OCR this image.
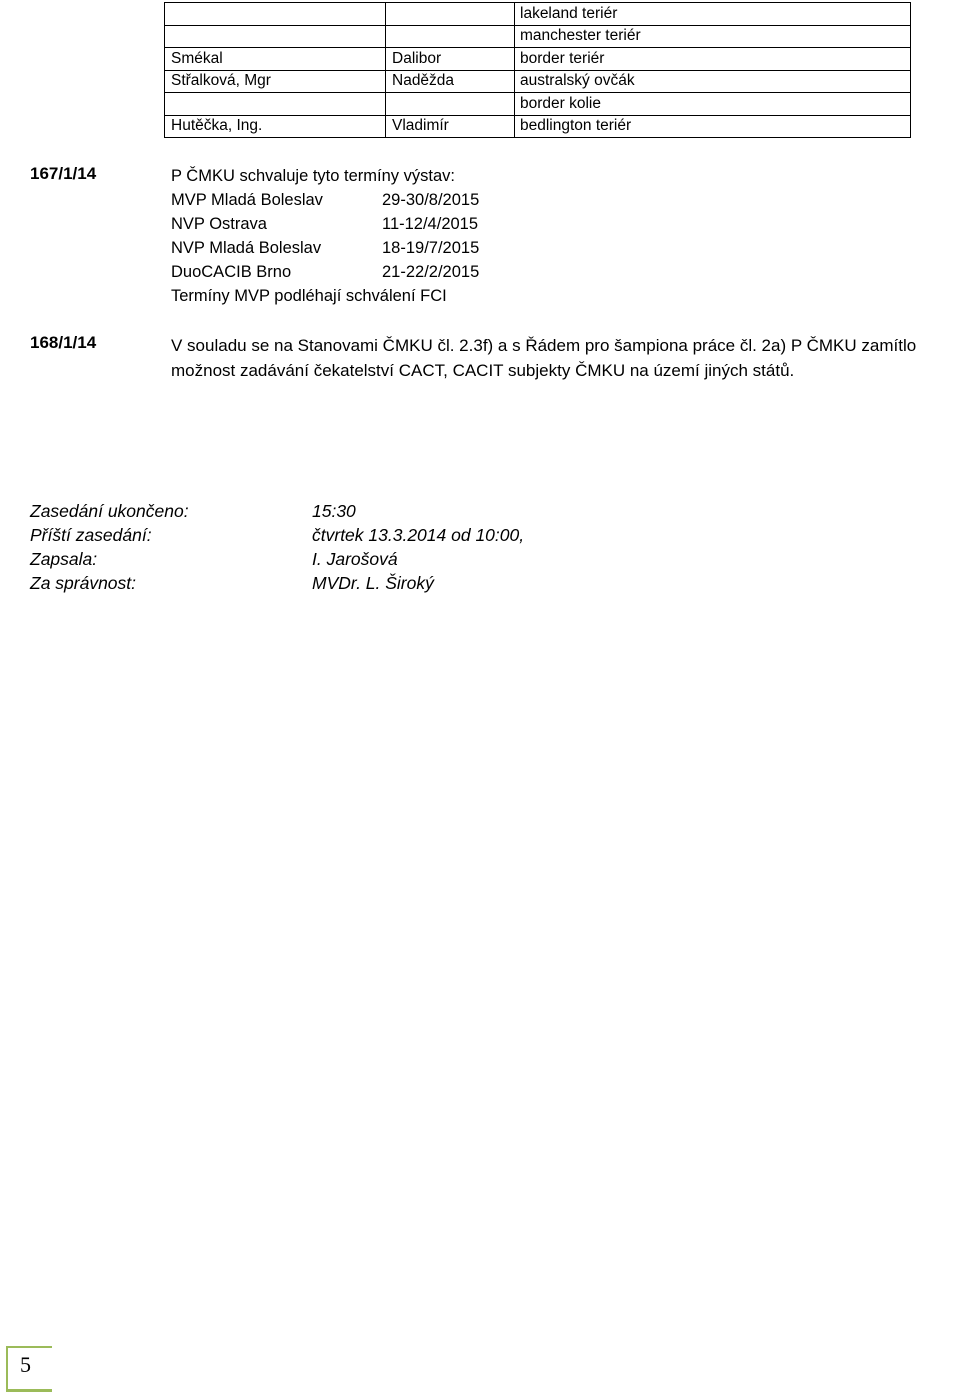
		lakeland teriér
		manchester teriér
Smékal	Dalibor	border teriér
Střalková, Mgr	Naděžda	australský ovčák
		border kolie
Hutěčka, Ing.	Vladimír	bedlington teriér
167/1/14	P ČMKU schvaluje tyto termíny výstav:
MVP Mladá Boleslav	29-30/8/2015
NVP Ostrava	11-12/4/2015
NVP Mladá Boleslav	18-19/7/2015
DuoCACIB Brno	21-22/2/2015
Termíny MVP podléhají schválení FCI
168/1/14	V souladu se na Stanovami ČMKU čl. 2.3f) a s Řádem pro šampiona práce čl. 2a) P ČMKU zamítlo
možnost zadávání čekatelství CACT, CACIT subjekty ČMKU na území jiných států.
Zasedání ukončeno:	15:30
Příští zasedání:	čtvrtek 13.3.2014 od 10:00,
Zapsala:	I. Jarošová
Za správnost:	MVDr. L. Široký
5
